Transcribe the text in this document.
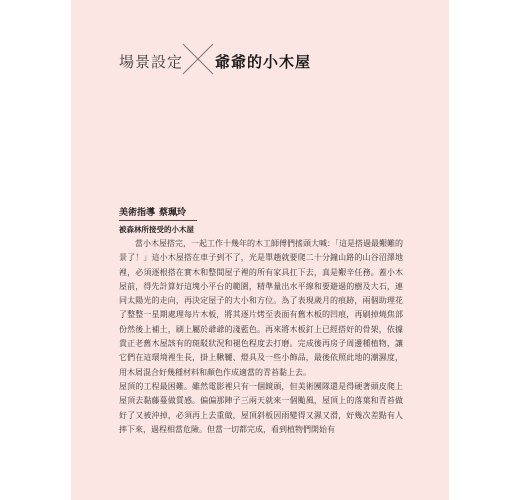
場景設定 爺爺的小木屋
美術指導 蔡珮玲
被森林所接受的小木屋

當小木屋搭完，一起工作十幾年的木工師傅們搖頭大喊：「這是搭過最艱難的景了！」這小木屋搭在車子到不了，光是單趟就要爬二十分鐘山路的山谷沼澤地裡，必須逐根搭在實木和整間屋子裡的所有家具扛下去，真是艱辛任務。蓋小木屋前，得先計算好這塊小平台的範圍，精準量出水平線和要避過的樹及大石，連同太陽光的走向，再決定屋子的大小和方位。為了表現歲月的痕跡，兩個助理花了整整一星期處理每片木板，將其逐片烤至表面有舊木板的凹痕，再刷掉燒焦部份然後上補土，刷上屬於爺爺的淺藍色。再來將木板釘上已經搭好的骨架，依據貴正老舊木屋該有的斑駁狀況和褪色程度去打磨。完成後再房子周邊種植物，讓它們在這環境裡生長，掛上鞦韆、燈具及一些小飾品，最後依照此地的潮濕度，用木屑混合好幾種材料和顏色作成適當的青苔黏上去。

屋頂的工程最困難。雖然電影裡只有一個鏡頭，但美術團隊還是得硬著頭皮爬上屋頂去黏藤蔓做質感。偏偏那陣子三兩天就來一個颱風，屋頂上的落葉和青苔做好了又被沖掉，必須再上去重做，屋頂斜板因雨變得又濕又滑，好幾次差點有人摔下來，過程相當危險。但當一切都完成，看到植物們開始有
